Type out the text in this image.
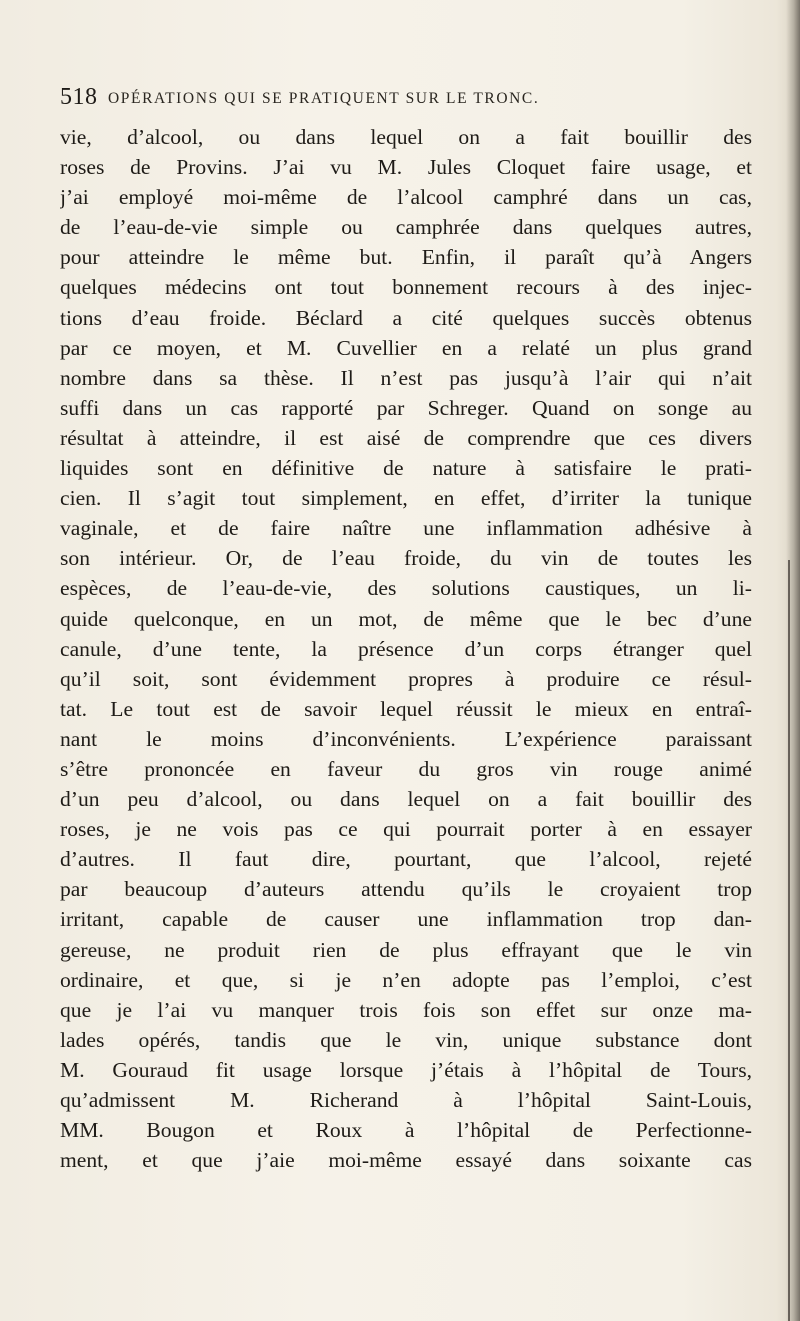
518 OPÉRATIONS QUI SE PRATIQUENT SUR LE TRONC.
vie, d’alcool, ou dans lequel on a fait bouillir des
roses de Provins. J’ai vu M. Jules Cloquet faire usage, et
j’ai employé moi-même de l’alcool camphré dans un cas,
de l’eau-de-vie simple ou camphrée dans quelques autres,
pour atteindre le même but. Enfin, il paraît qu’à Angers
quelques médecins ont tout bonnement recours à des injec-
tions d’eau froide. Béclard a cité quelques succès obtenus
par ce moyen, et M. Cuvellier en a relaté un plus grand
nombre dans sa thèse. Il n’est pas jusqu’à l’air qui n’ait
suffi dans un cas rapporté par Schreger. Quand on songe au
résultat à atteindre, il est aisé de comprendre que ces divers
liquides sont en définitive de nature à satisfaire le prati-
cien. Il s’agit tout simplement, en effet, d’irriter la tunique
vaginale, et de faire naître une inflammation adhésive à
son intérieur. Or, de l’eau froide, du vin de toutes les
espèces, de l’eau-de-vie, des solutions caustiques, un li-
quide quelconque, en un mot, de même que le bec d’une
canule, d’une tente, la présence d’un corps étranger quel
qu’il soit, sont évidemment propres à produire ce résul-
tat. Le tout est de savoir lequel réussit le mieux en entraî-
nant le moins d’inconvénients. L’expérience paraissant
s’être prononcée en faveur du gros vin rouge animé
d’un peu d’alcool, ou dans lequel on a fait bouillir des
roses, je ne vois pas ce qui pourrait porter à en essayer
d’autres. Il faut dire, pourtant, que l’alcool, rejeté
par beaucoup d’auteurs attendu qu’ils le croyaient trop
irritant, capable de causer une inflammation trop dan-
gereuse, ne produit rien de plus effrayant que le vin
ordinaire, et que, si je n’en adopte pas l’emploi, c’est
que je l’ai vu manquer trois fois son effet sur onze ma-
lades opérés, tandis que le vin, unique substance dont
M. Gouraud fit usage lorsque j’étais à l’hôpital de Tours,
qu’admissent M. Richerand à l’hôpital Saint-Louis,
MM. Bougon et Roux à l’hôpital de Perfectionne-
ment, et que j’aie moi-même essayé dans soixante cas
